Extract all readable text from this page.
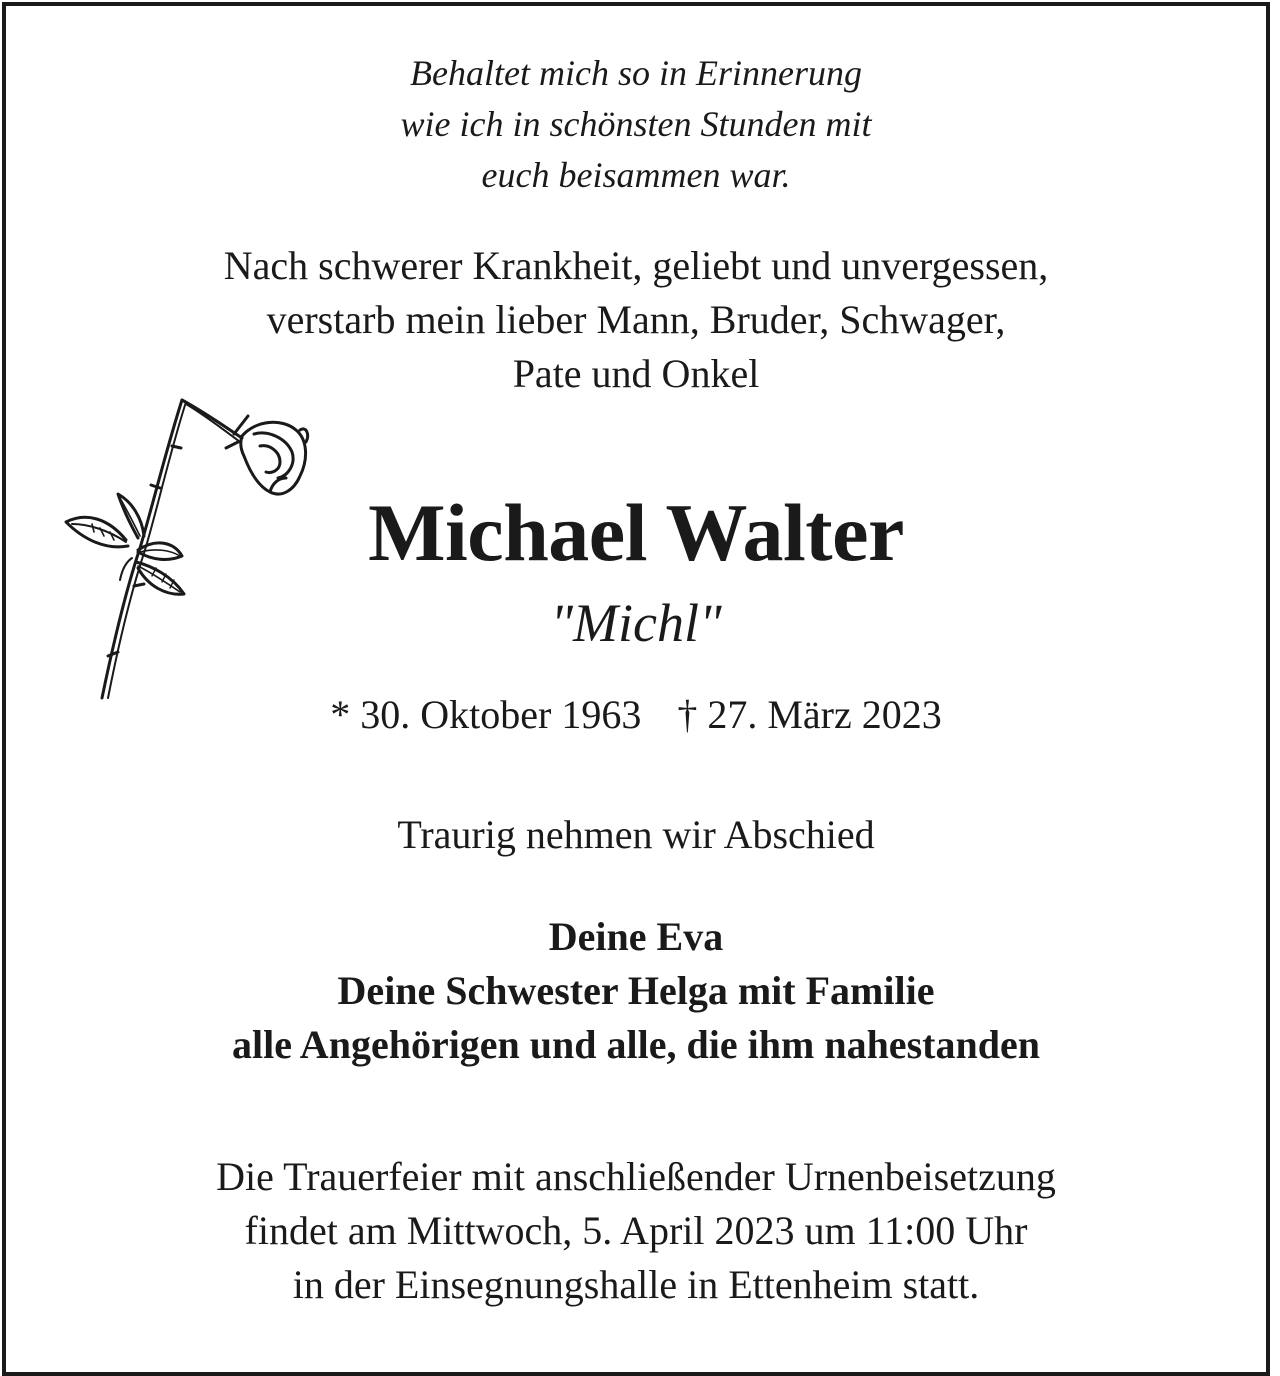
Behaltet mich so in Erinnerung
wie ich in schönsten Stunden mit
euch beisammen war.

Nach schwerer Krankheit, geliebt und unvergessen,
verstarb mein lieber Mann, Bruder, Schwager,
Pate und Onkel

Michael Walter

"Michl"

* 30. Oktober 1963 † 27. März 2023

Traurig nehmen wir Abschied

Deine Eva
Deine Schwester Helga mit Familie
alle Angehörigen und alle, die ihm nahestanden

Die Trauerfeier mit anschließender Urnenbeisetzung
findet am Mittwoch, 5. April 2023 um 11:00 Uhr
in der Einsegnungshalle in Ettenheim statt.
